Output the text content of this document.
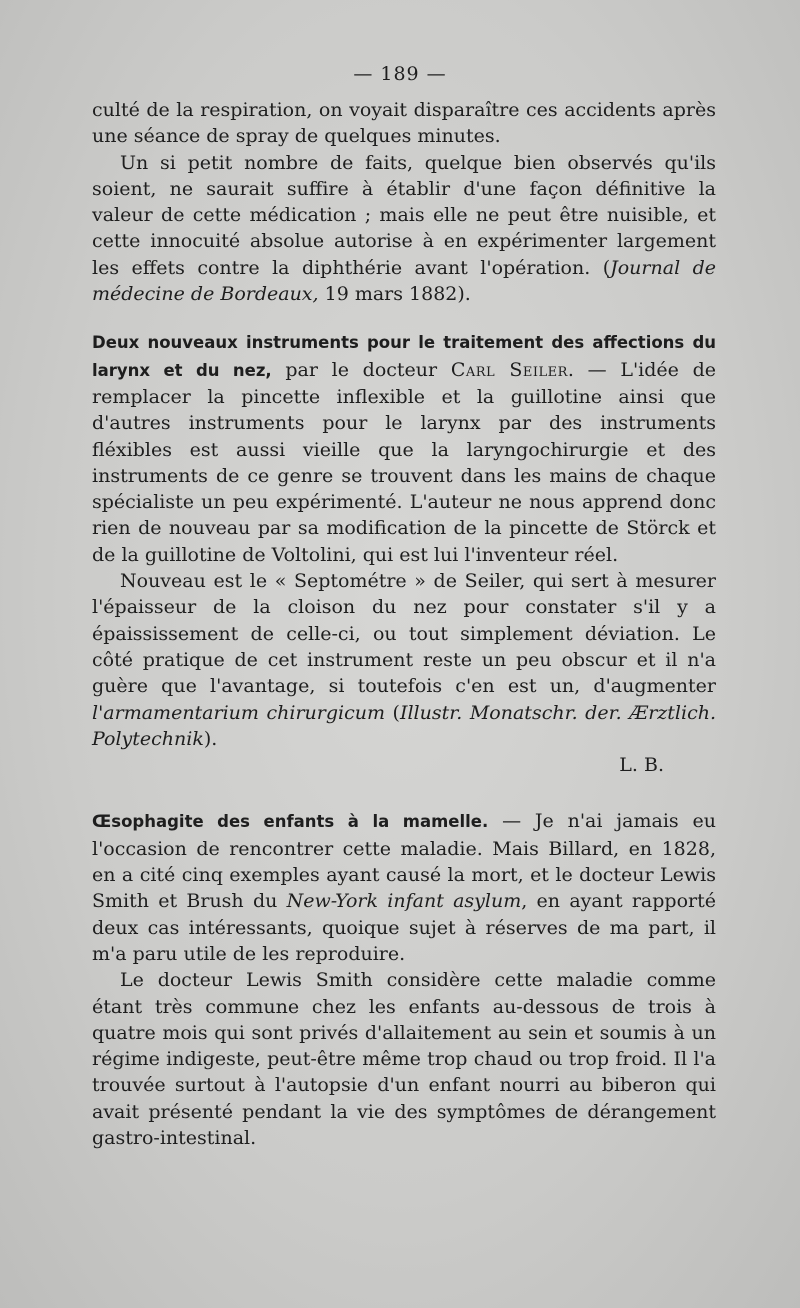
— 189 —

culté de la respiration, on voyait disparaître ces accidents après une séance de spray de quelques minutes.

Un si petit nombre de faits, quelque bien observés qu'ils soient, ne saurait suffire à établir d'une façon définitive la valeur de cette médication ; mais elle ne peut être nuisible, et cette innocuité absolue autorise à en expérimenter largement les effets contre la diphthérie avant l'opération. (Journal de médecine de Bordeaux, 19 mars 1882).

Deux nouveaux instruments pour le traitement des affections du larynx et du nez, par le docteur Carl Seiler. — L'idée de remplacer la pincette inflexible et la guillotine ainsi que d'autres instruments pour le larynx par des instruments fléxibles est aussi vieille que la laryngochirurgie et des instruments de ce genre se trouvent dans les mains de chaque spécialiste un peu expérimenté. L'auteur ne nous apprend donc rien de nouveau par sa modification de la pincette de Störck et de la guillotine de Voltolini, qui est lui l'inventeur réel.

Nouveau est le « Septométre » de Seiler, qui sert à mesurer l'épaisseur de la cloison du nez pour constater s'il y a épaississement de celle-ci, ou tout simplement déviation. Le côté pratique de cet instrument reste un peu obscur et il n'a guère que l'avantage, si toutefois c'en est un, d'augmenter l'armamentarium chirurgicum (Illustr. Monatschr. der. Ærztlich. Polytechnik).

L. B.

Œsophagite des enfants à la mamelle. — Je n'ai jamais eu l'occasion de rencontrer cette maladie. Mais Billard, en 1828, en a cité cinq exemples ayant causé la mort, et le docteur Lewis Smith et Brush du New-York infant asylum, en ayant rapporté deux cas intéressants, quoique sujet à réserves de ma part, il m'a paru utile de les reproduire.

Le docteur Lewis Smith considère cette maladie comme étant très commune chez les enfants au-dessous de trois à quatre mois qui sont privés d'allaitement au sein et soumis à un régime indigeste, peut-être même trop chaud ou trop froid. Il l'a trouvée surtout à l'autopsie d'un enfant nourri au biberon qui avait présenté pendant la vie des symptômes de dérangement gastro-intestinal.
